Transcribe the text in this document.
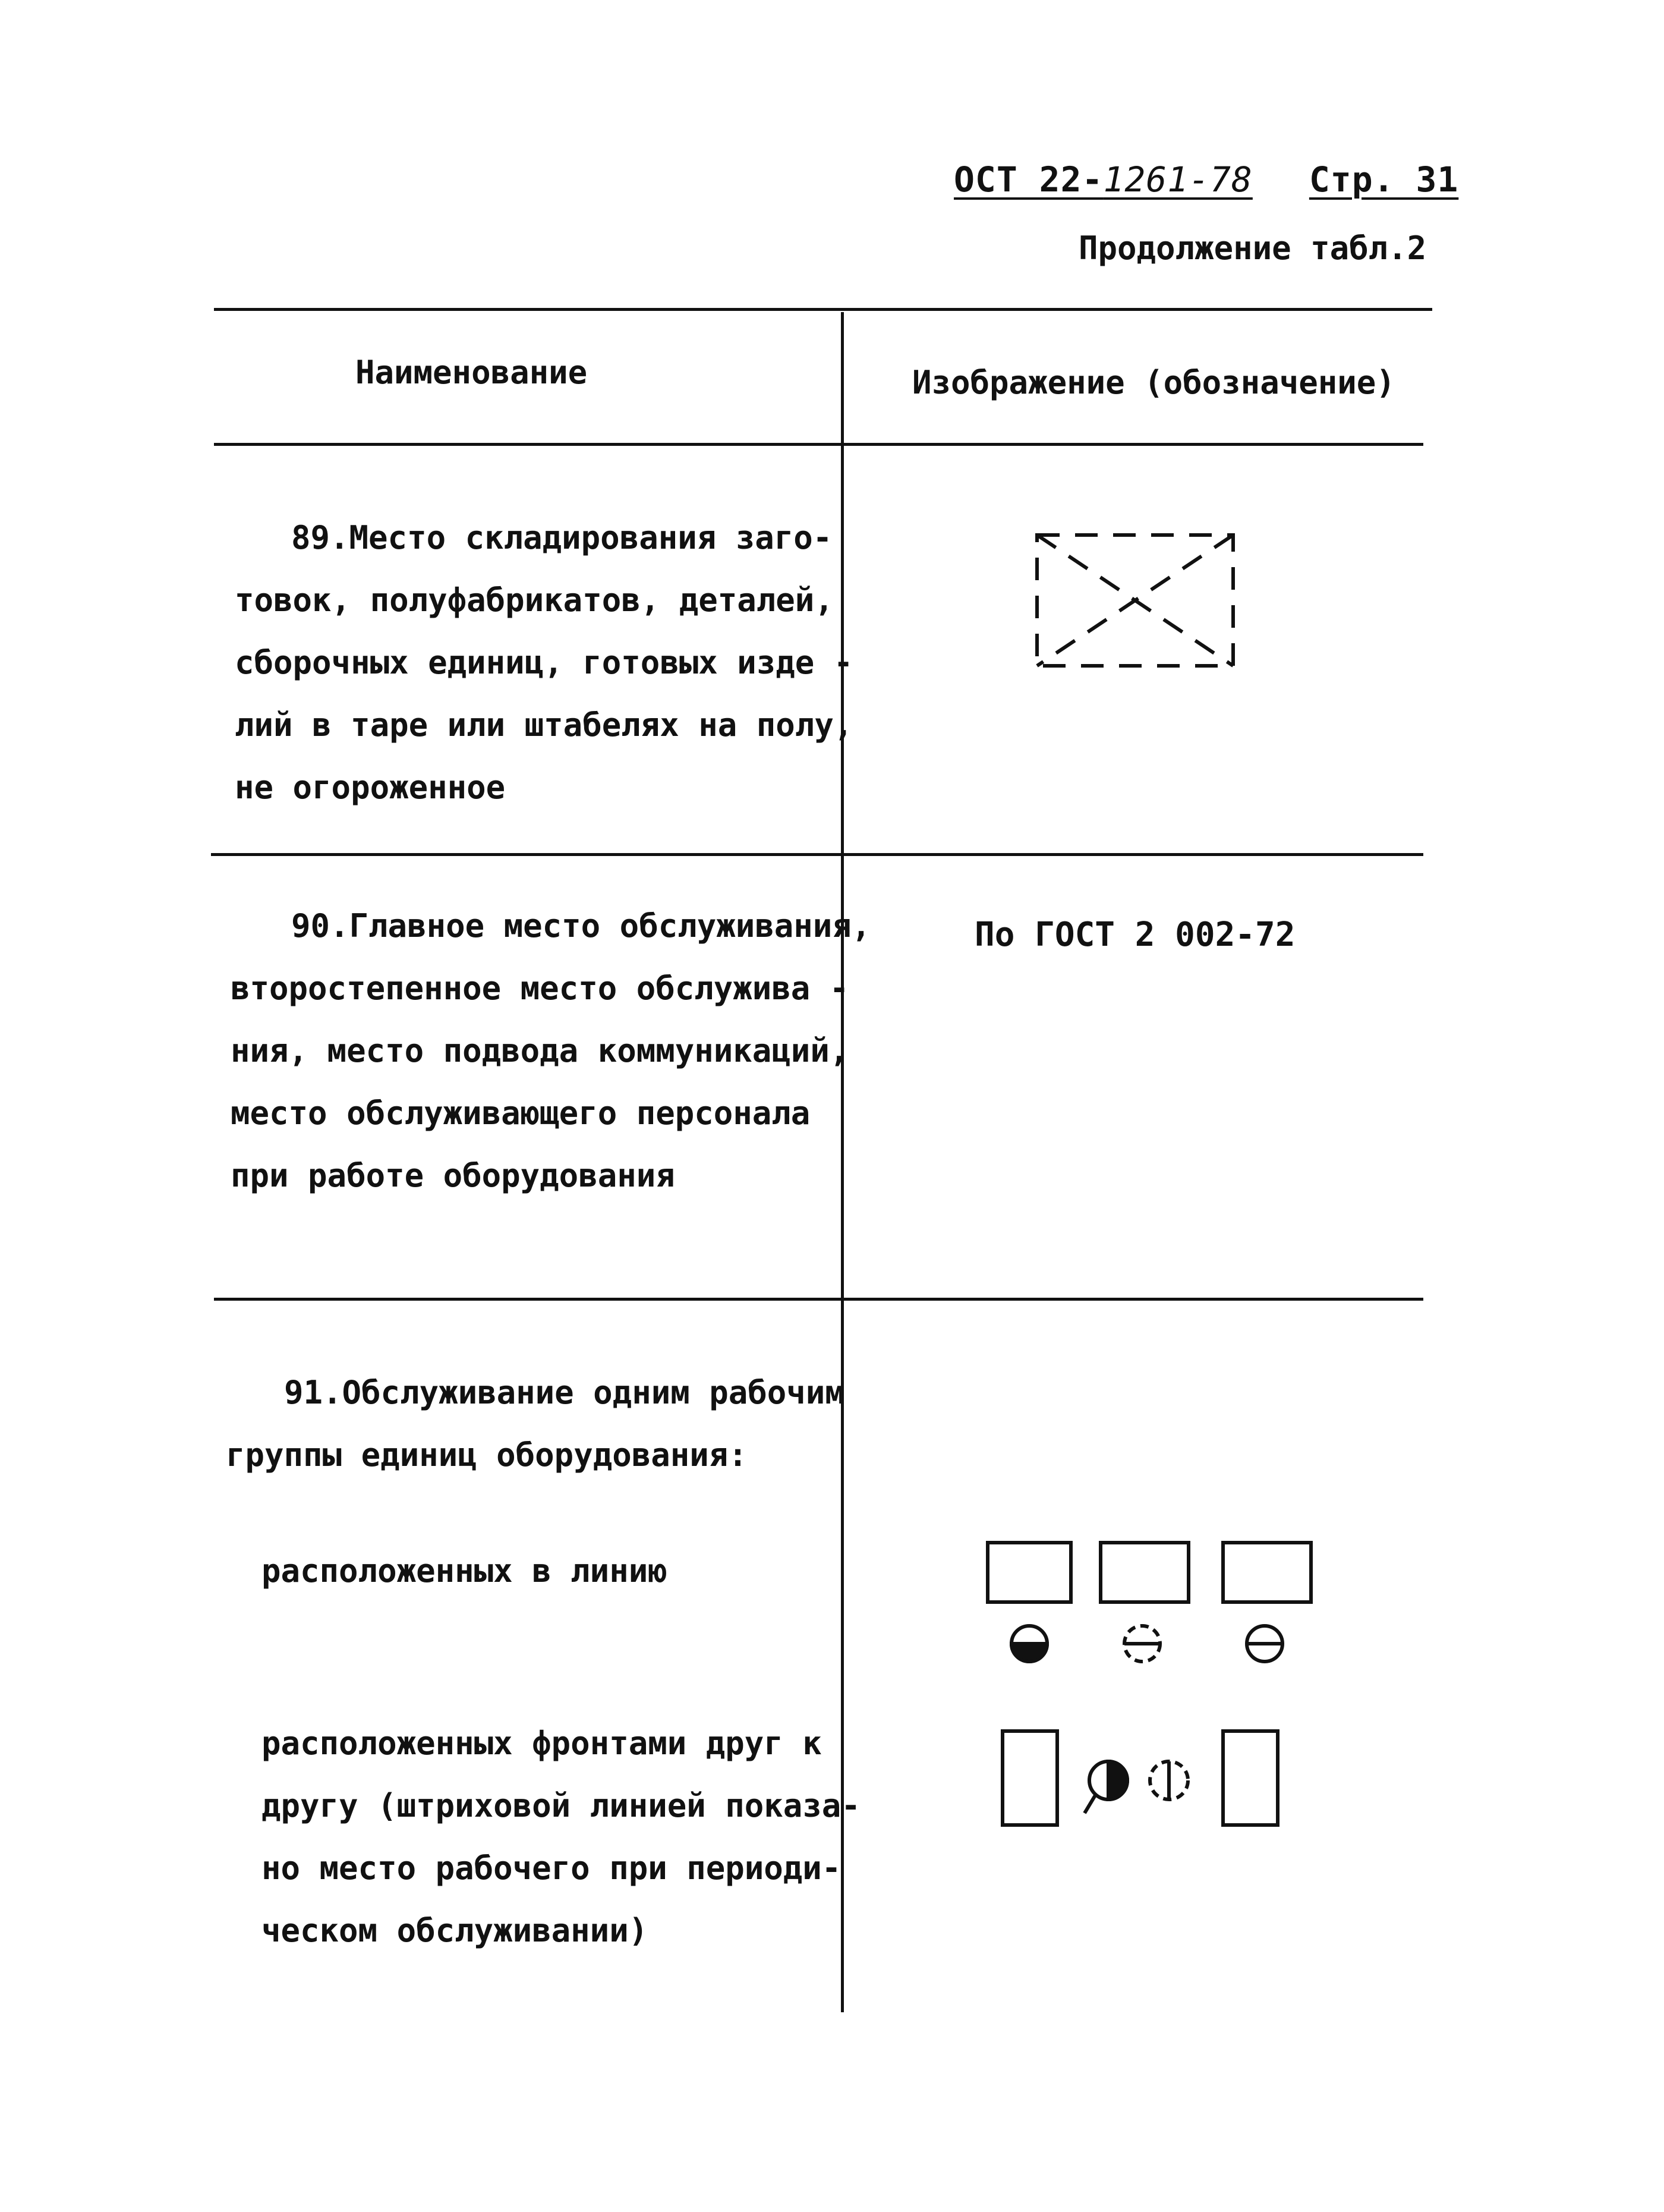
ОСТ 22-1261-78 Стр. 31
Продолжение табл.2
Наименование	Изображение (обозначение)
89.Место складирования заго-
товок, полуфабрикатов, деталей,
сборочных единиц, готовых изде -
лий в таре или штабелях на полу,
не огороженное
90.Главное место обслуживания,
второстепенное место обслужива -
ния, место подвода коммуникаций,
место обслуживающего персонала
при работе оборудования
По ГОСТ 2 002-72
91.Обслуживание одним рабочим
группы единиц оборудования:
расположенных в линию
расположенных фронтами друг к
другу (штриховой линией показа-
но место рабочего при периоди-
ческом обслуживании)
